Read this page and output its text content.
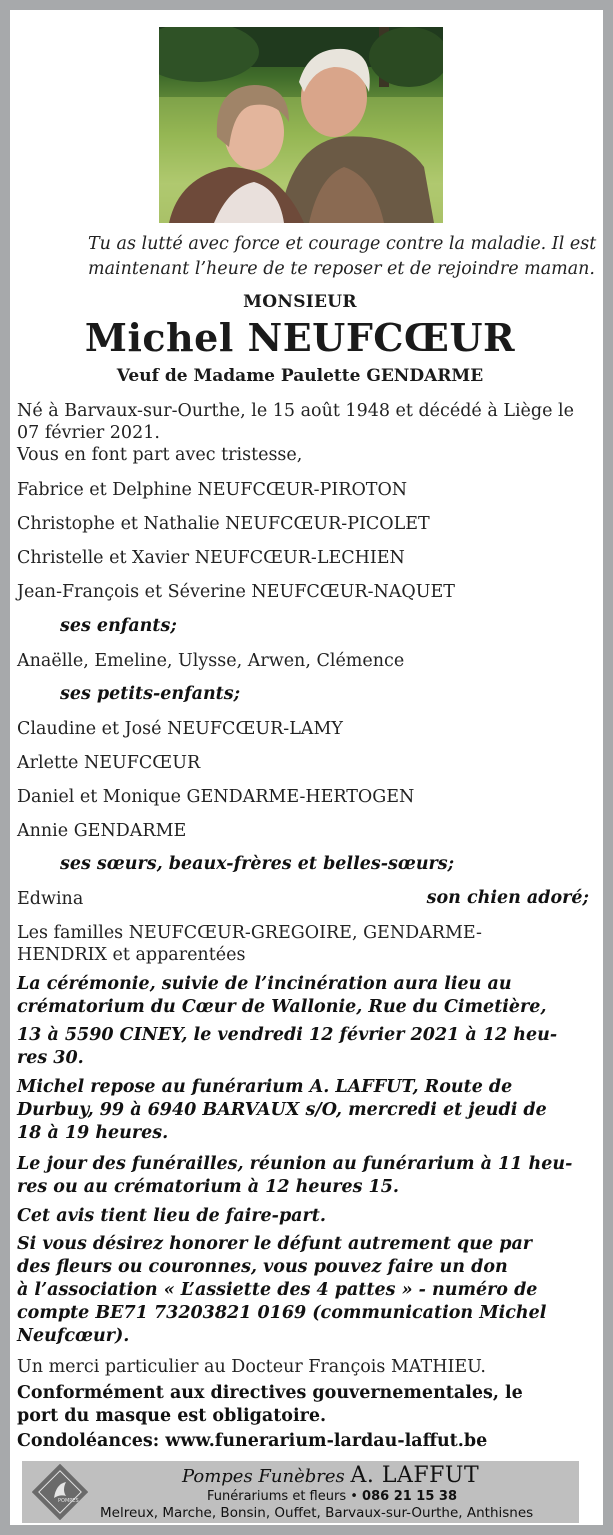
Tu as lutté avec force et courage contre la maladie. Il est maintenant l’heure de te reposer et de rejoindre maman.
MONSIEUR
Michel NEUFCŒUR
Veuf de Madame Paulette GENDARME
Né à Barvaux-sur-Ourthe, le 15 août 1948 et décédé à Liège le 07 février 2021.
Vous en font part avec tristesse,
Fabrice et Delphine NEUFCŒUR-PIROTON
Christophe et Nathalie NEUFCŒUR-PICOLET
Christelle et Xavier NEUFCŒUR-LECHIEN
Jean-François et Séverine NEUFCŒUR-NAQUET
ses enfants;
Anaëlle, Emeline, Ulysse, Arwen, Clémence
ses petits-enfants;
Claudine et José NEUFCŒUR-LAMY
Arlette NEUFCŒUR
Daniel et Monique GENDARME-HERTOGEN
Annie GENDARME
ses sœurs, beaux-frères et belles-sœurs;
Edwina	son chien adoré;
Les familles NEUFCŒUR-GREGOIRE, GENDARME-HENDRIX et apparentées
La cérémonie, suivie de l’incinération aura lieu au
crématorium du Cœur de Wallonie, Rue du Cimetière,
13 à 5590 CINEY, le vendredi 12 février 2021 à 12 heu-
res 30.
Michel repose au funérarium A. LAFFUT, Route de
Durbuy, 99 à 6940 BARVAUX s/O, mercredi et jeudi de
18 à 19 heures.
Le jour des funérailles, réunion au funérarium à 11 heu-
res ou au crématorium à 12 heures 15.
Cet avis tient lieu de faire-part.
Si vous désirez honorer le défunt autrement que par
des fleurs ou couronnes, vous pouvez faire un don
à l’association « L’assiette des 4 pattes » - numéro de
compte BE71 73203821 0169 (communication Michel
Neufcœur).
Un merci particulier au Docteur François MATHIEU.
Conformément aux directives gouvernementales, le
port du masque est obligatoire.
Condoléances: www.funerarium-lardau-laffut.be
POMPES
Pompes Funèbres A. LAFFUT
Funérariums et fleurs • 086 21 15 38
Melreux, Marche, Bonsin, Ouffet, Barvaux-sur-Ourthe, Anthisnes
